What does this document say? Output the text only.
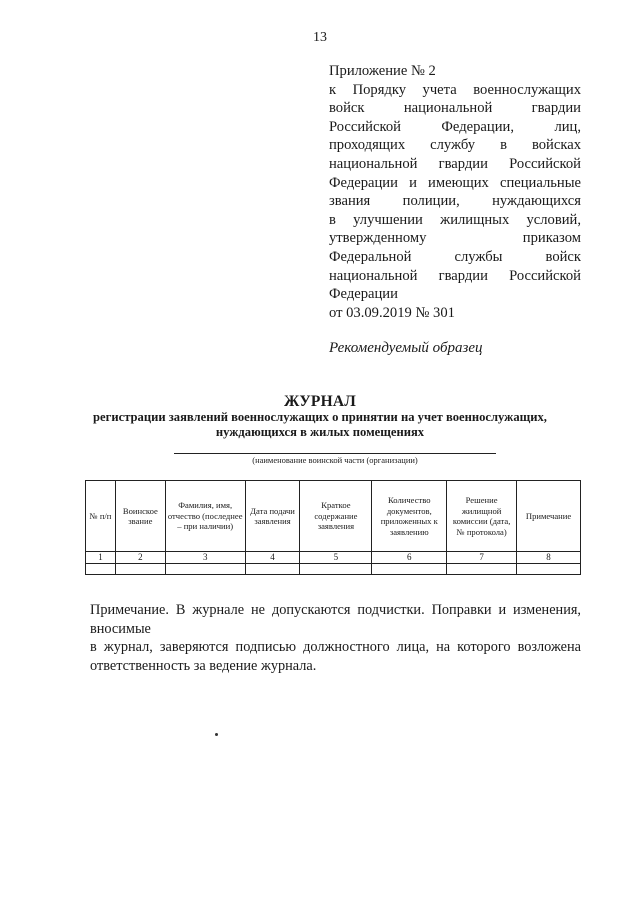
13
Приложение № 2
к Порядку учета военнослужащих
войск национальной гвардии
Российской Федерации, лиц,
проходящих службу в войсках
национальной гвардии Российской
Федерации и имеющих специальные
звания полиции, нуждающихся
в улучшении жилищных условий,
утвержденному приказом
Федеральной службы войск
национальной гвардии Российской
Федерации
от 03.09.2019 № 301
Рекомендуемый образец
ЖУРНАЛ
регистрации заявлений военнослужащих о принятии на учет военнослужащих,
нуждающихся в жилых помещениях
(наименование воинской части (организации)
№ п/п	Воинское звание	Фамилия, имя, отчество (последнее – при наличии)	Дата подачи заявления	Краткое содержание заявления	Количество документов, приложенных к заявлению	Решение жилищной комиссии (дата, № протокола)	Примечание
1	2	3	4	5	6	7	8

Примечание. В журнале не допускаются подчистки. Поправки и изменения, вносимые
в журнал, заверяются подписью должностного лица, на которого возложена
ответственность за ведение журнала.
